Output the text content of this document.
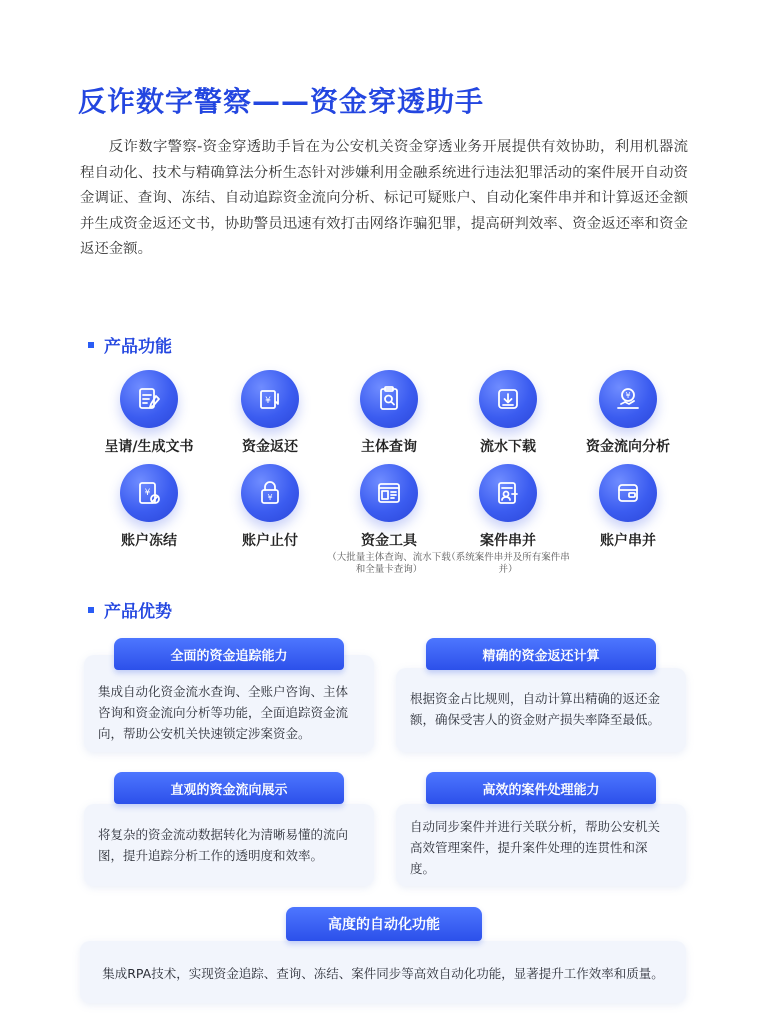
反诈数字警察——资金穿透助手

反诈数字警察-资金穿透助手旨在为公安机关资金穿透业务开展提供有效协助，利用机器流程自动化、技术与精确算法分析生态针对涉嫌利用金融系统进行违法犯罪活动的案件展开自动资金调证、查询、冻结、自动追踪资金流向分析、标记可疑账户、自动化案件串并和计算返还金额并生成资金返还文书，协助警员迅速有效打击网络诈骗犯罪，提高研判效率、资金返还率和资金返还金额。

产品功能
呈请/生成文书
¥
资金返还	主体查询	流水下载
¥
资金流向分析
¥
账户冻结
¥
账户止付	资金工具
（大批量主体查询、流水下载和全量卡查询）
案件串并
（系统案件串并及所有案件串并）
账户串并
产品优势

集成自动化资金流水查询、全账户咨询、主体咨询和资金流向分析等功能，全面追踪资金流向，帮助公安机关快速锁定涉案资金。

全面的资金追踪能力

根据资金占比规则，自动计算出精确的返还金额，确保受害人的资金财产损失率降至最低。

精确的资金返还计算

将复杂的资金流动数据转化为清晰易懂的流向图，提升追踪分析工作的透明度和效率。

直观的资金流向展示

自动同步案件并进行关联分析，帮助公安机关高效管理案件，提升案件处理的连贯性和深度。

高效的案件处理能力

集成RPA技术，实现资金追踪、查询、冻结、案件同步等高效自动化功能，显著提升工作效率和质量。

高度的自动化功能
